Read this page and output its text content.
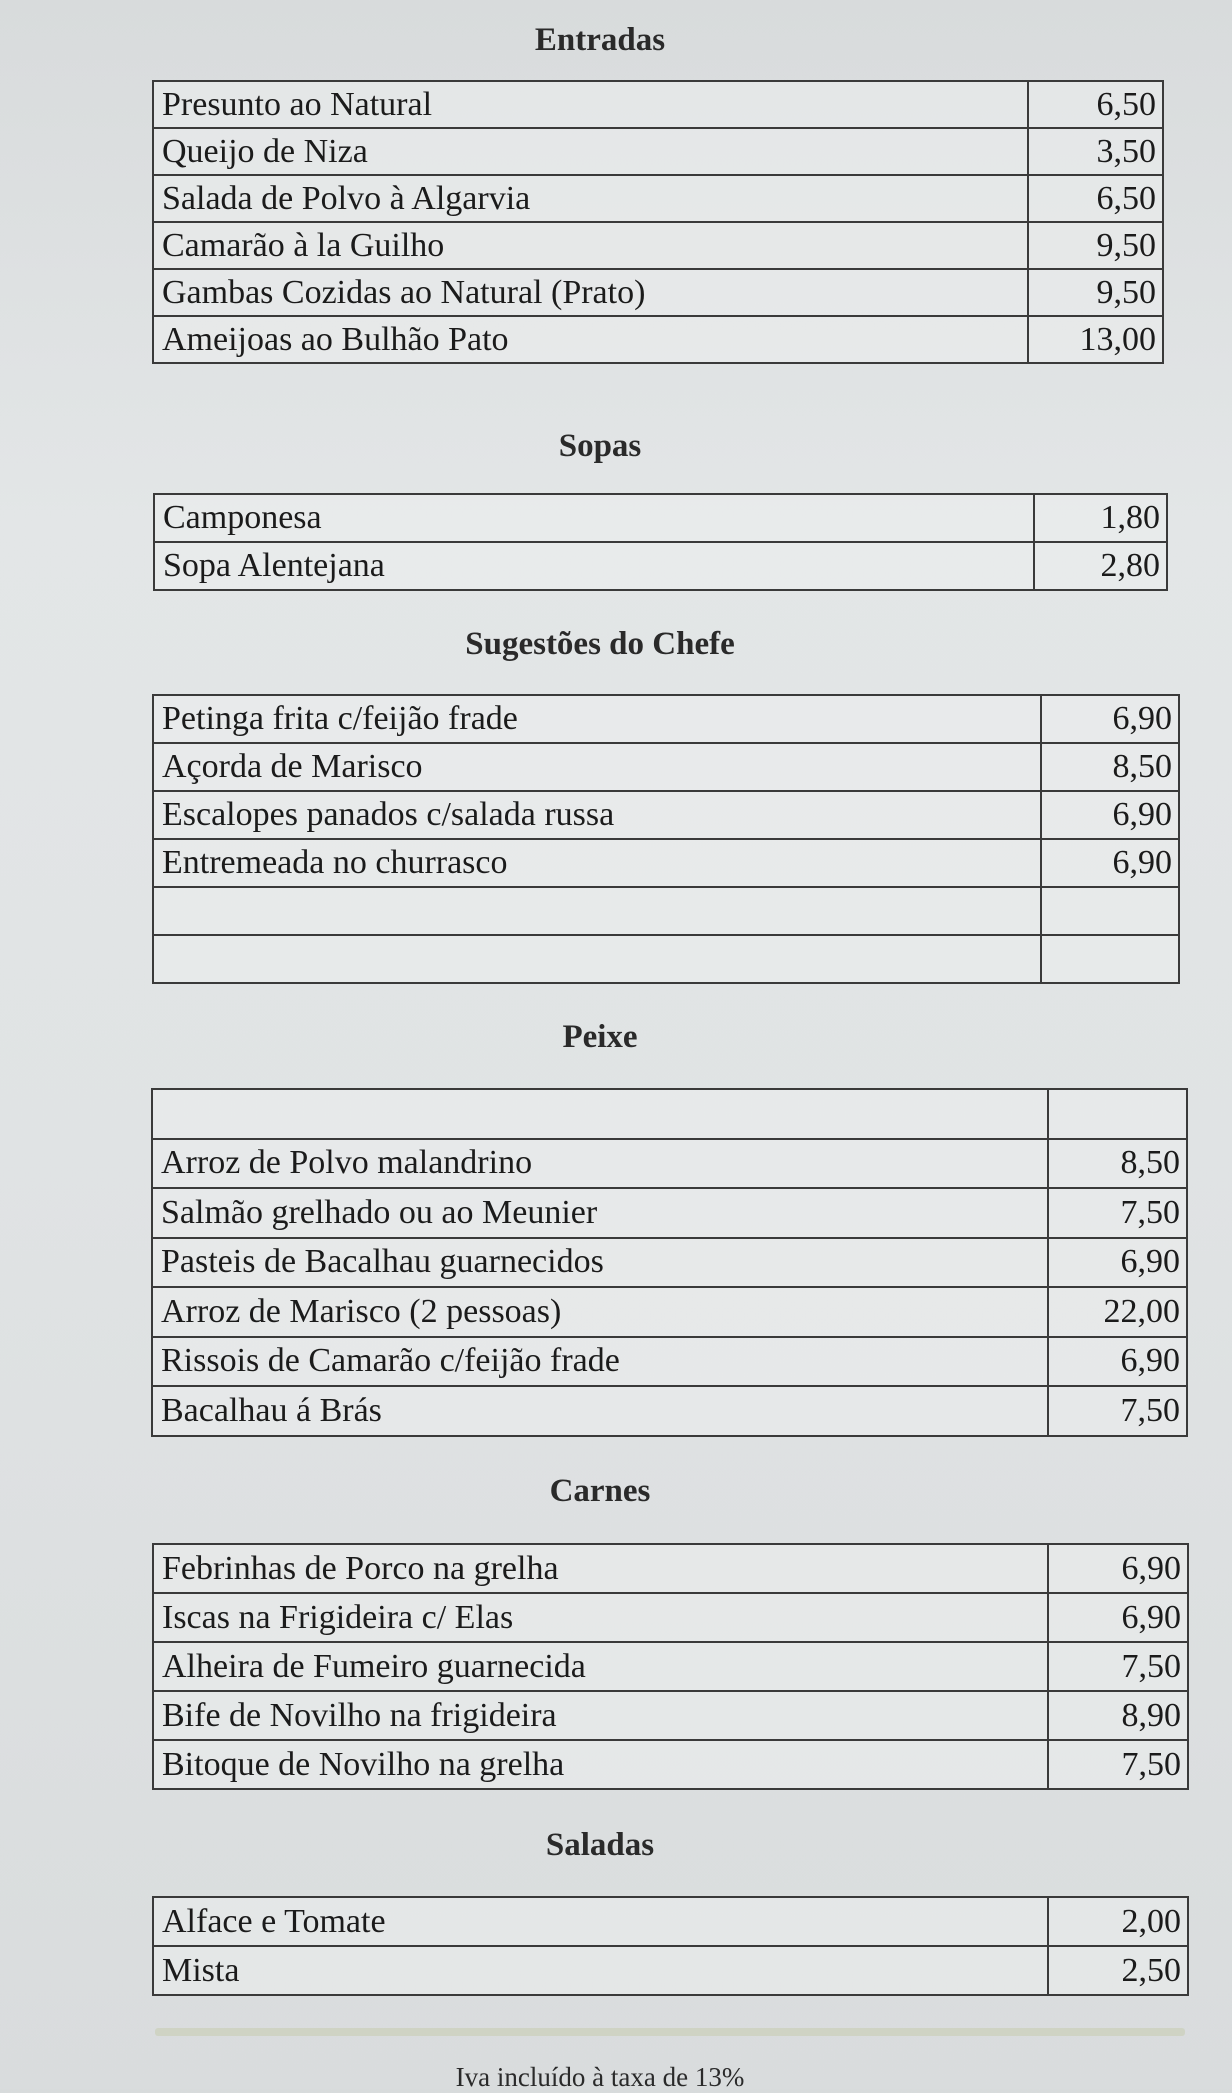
Iva incluído à taxa de 13%
Entradas
Presunto ao Natural	6,50
Queijo de Niza	3,50
Salada de Polvo à Algarvia	6,50
Camarão à la Guilho	9,50
Gambas Cozidas ao Natural (Prato)	9,50
Ameijoas ao Bulhão Pato	13,00
Sopas
Camponesa	1,80
Sopa Alentejana	2,80
Sugestões do Chefe
Petinga frita c/feijão frade	6,90
Açorda de Marisco	8,50
Escalopes panados c/salada russa	6,90
Entremeada no churrasco	6,90

Peixe

Arroz de Polvo malandrino	8,50
Salmão grelhado ou ao Meunier	7,50
Pasteis de Bacalhau guarnecidos	6,90
Arroz de Marisco (2 pessoas)	22,00
Rissois de Camarão c/feijão frade	6,90
Bacalhau á Brás	7,50
Carnes
Febrinhas de Porco na grelha	6,90
Iscas na Frigideira c/ Elas	6,90
Alheira de Fumeiro guarnecida	7,50
Bife de Novilho na frigideira	8,90
Bitoque de Novilho na grelha	7,50
Saladas
Alface e Tomate	2,00
Mista	2,50
